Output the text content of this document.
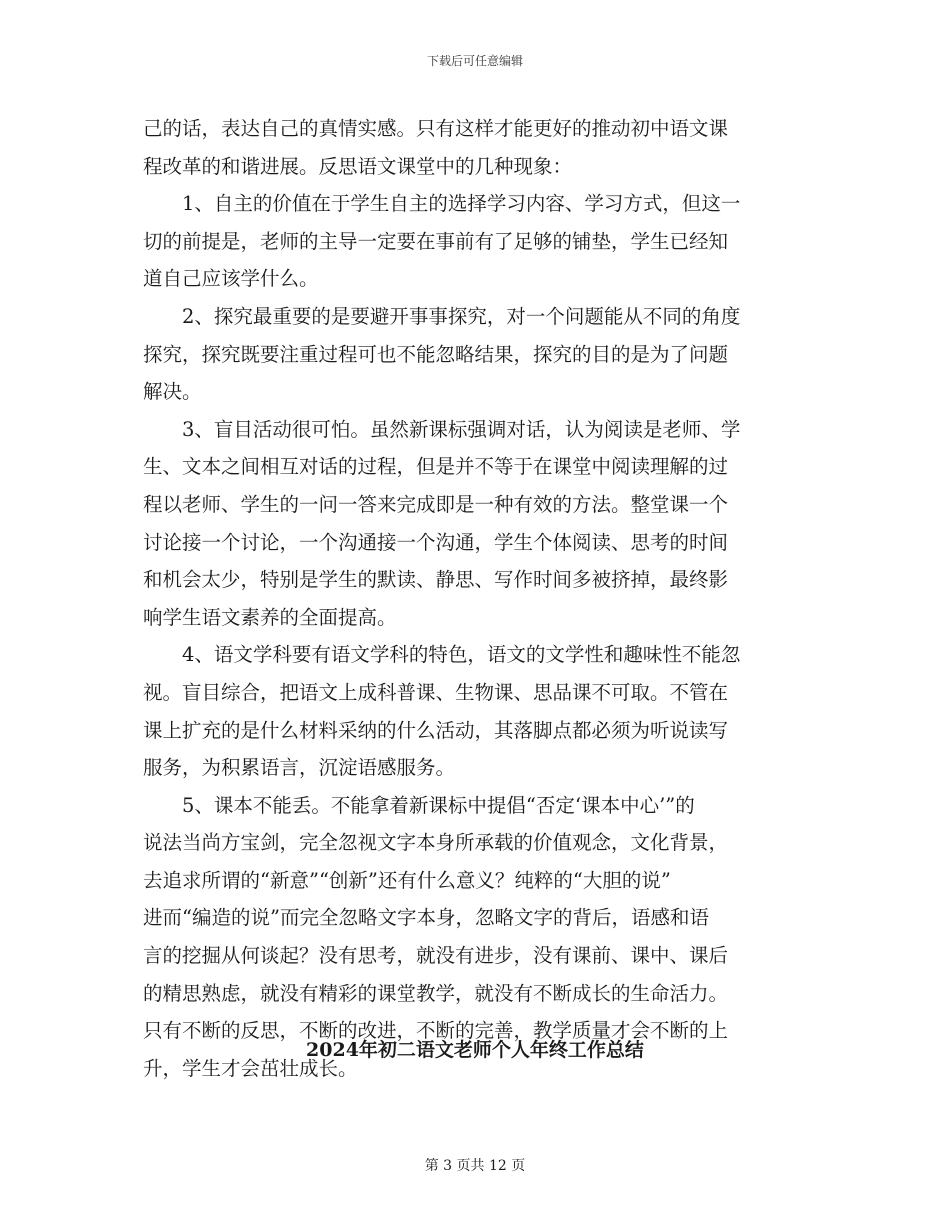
下载后可任意编辑
己的话，表达自己的真情实感。只有这样才能更好的推动初中语文课
程改革的和谐进展。反思语文课堂中的几种现象：
　　1、自主的价值在于学生自主的选择学习内容、学习方式，但这一
切的前提是，老师的主导一定要在事前有了足够的铺垫，学生已经知
道自己应该学什么。
　　2、探究最重要的是要避开事事探究，对一个问题能从不同的角度
探究，探究既要注重过程可也不能忽略结果，探究的目的是为了问题
解决。
　　3、盲目活动很可怕。虽然新课标强调对话，认为阅读是老师、学
生、文本之间相互对话的过程，但是并不等于在课堂中阅读理解的过
程以老师、学生的一问一答来完成即是一种有效的方法。整堂课一个
讨论接一个讨论，一个沟通接一个沟通，学生个体阅读、思考的时间
和机会太少，特别是学生的默读、静思、写作时间多被挤掉，最终影
响学生语文素养的全面提高。
　　4、语文学科要有语文学科的特色，语文的文学性和趣味性不能忽
视。盲目综合，把语文上成科普课、生物课、思品课不可取。不管在
课上扩充的是什么材料采纳的什么活动，其落脚点都必须为听说读写
服务，为积累语言，沉淀语感服务。
　　5、课本不能丢。不能拿着新课标中提倡“否定‘课本中心’”的
说法当尚方宝剑，完全忽视文字本身所承载的价值观念，文化背景，
去追求所谓的“新意”“创新”还有什么意义？纯粹的“大胆的说”
进而“编造的说”而完全忽略文字本身，忽略文字的背后，语感和语
言的挖掘从何谈起？没有思考，就没有进步，没有课前、课中、课后
的精思熟虑，就没有精彩的课堂教学，就没有不断成长的生命活力。
只有不断的反思，不断的改进，不断的完善，教学质量才会不断的上
升，学生才会茁壮成长。
2024年初二语文老师个人年终工作总结
第 3 页共 12 页
